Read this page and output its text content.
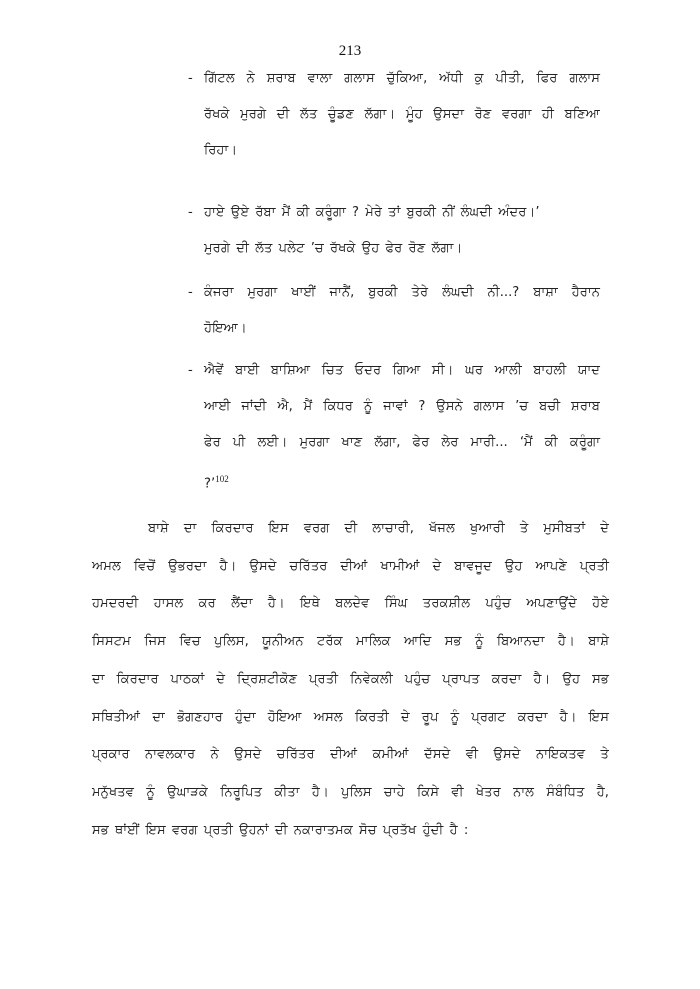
213
- ਗਿੱਟਲ ਨੇ ਸ਼ਰਾਬ ਵਾਲਾ ਗਲਾਸ ਚੁੱਕਿਆ, ਅੱਧੀ ਕੁ ਪੀਤੀ, ਫਿਰ ਗਲਾਸ
ਰੱਖਕੇ ਮੁਰਗੇ ਦੀ ਲੱਤ ਚੂੰਡਣ ਲੱਗਾ। ਮੂੰਹ ਉਸਦਾ ਰੋਣ ਵਰਗਾ ਹੀ ਬਣਿਆ
ਰਿਹਾ।
- ਹਾਏ ਉਏ ਰੱਬਾ ਮੈਂ ਕੀ ਕਰੂੰਗਾ ? ਮੇਰੇ ਤਾਂ ਬੁਰਕੀ ਨੀਂ ਲੰਘਦੀ ਅੰਦਰ।’
ਮੁਰਗੇ ਦੀ ਲੱਤ ਪਲੇਟ ’ਚ ਰੱਖਕੇ ਉਹ ਫੇਰ ਰੋਣ ਲੱਗਾ।
- ਕੰਜਰਾ ਮੁਰਗਾ ਖਾਈਂ ਜਾਨੈਂ, ਬੁਰਕੀ ਤੇਰੇ ਲੰਘਦੀ ਨੀ...? ਬਾਸ਼ਾ ਹੈਰਾਨ
ਹੋਇਆ।
- ਐਵੇਂ ਬਾਈ ਬਾਸ਼ਿਆ ਚਿਤ ਓਦਰ ਗਿਆ ਸੀ। ਘਰ ਆਲੀ ਬਾਹਲੀ ਯਾਦ
ਆਈ ਜਾਂਦੀ ਐ, ਮੈਂ ਕਿਧਰ ਨੂੰ ਜਾਵਾਂ ? ਉਸਨੇ ਗਲਾਸ ’ਚ ਬਚੀ ਸ਼ਰਾਬ
ਫੇਰ ਪੀ ਲਈ। ਮੁਰਗਾ ਖਾਣ ਲੱਗਾ, ਫੇਰ ਲੇਰ ਮਾਰੀ... ‘ਮੈਂ ਕੀ ਕਰੂੰਗਾ
?’$^{102}$
ਬਾਸ਼ੇ ਦਾ ਕਿਰਦਾਰ ਇਸ ਵਰਗ ਦੀ ਲਾਚਾਰੀ, ਖੱਜਲ ਖੁਆਰੀ ਤੇ ਮੁਸੀਬਤਾਂ ਦੇ
ਅਮਲ ਵਿਚੋਂ ਉਭਰਦਾ ਹੈ। ਉਸਦੇ ਚਰਿੱਤਰ ਦੀਆਂ ਖਾਮੀਆਂ ਦੇ ਬਾਵਜੂਦ ਉਹ ਆਪਣੇ ਪ੍ਰਤੀ
ਹਮਦਰਦੀ ਹਾਸਲ ਕਰ ਲੈਂਦਾ ਹੈ। ਇਥੇ ਬਲਦੇਵ ਸਿੰਘ ਤਰਕਸ਼ੀਲ ਪਹੁੰਚ ਅਪਣਾਉਂਦੇ ਹੋਏ
ਸਿਸਟਮ ਜਿਸ ਵਿਚ ਪੁਲਿਸ, ਯੂਨੀਅਨ ਟਰੱਕ ਮਾਲਿਕ ਆਦਿ ਸਭ ਨੂੰ ਬਿਆਨਦਾ ਹੈ। ਬਾਸ਼ੇ
ਦਾ ਕਿਰਦਾਰ ਪਾਠਕਾਂ ਦੇ ਦ੍ਰਿਸ਼ਟੀਕੋਣ ਪ੍ਰਤੀ ਨਿਵੇਕਲੀ ਪਹੁੰਚ ਪ੍ਰਾਪਤ ਕਰਦਾ ਹੈ। ਉਹ ਸਭ
ਸਥਿਤੀਆਂ ਦਾ ਭੋਗਣਹਾਰ ਹੁੰਦਾ ਹੋਇਆ ਅਸਲ ਕਿਰਤੀ ਦੇ ਰੂਪ ਨੂੰ ਪ੍ਰਗਟ ਕਰਦਾ ਹੈ। ਇਸ
ਪ੍ਰਕਾਰ ਨਾਵਲਕਾਰ ਨੇ ਉਸਦੇ ਚਰਿੱਤਰ ਦੀਆਂ ਕਮੀਆਂ ਦੱਸਦੇ ਵੀ ਉਸਦੇ ਨਾਇਕਤਵ ਤੇ
ਮਨੁੱਖਤਵ ਨੂੰ ਉਘਾੜਕੇ ਨਿਰੂਪਿਤ ਕੀਤਾ ਹੈ। ਪੁਲਿਸ ਚਾਹੇ ਕਿਸੇ ਵੀ ਖੇਤਰ ਨਾਲ ਸੰਬੰਧਿਤ ਹੈ,
ਸਭ ਥਾਂਈਂ ਇਸ ਵਰਗ ਪ੍ਰਤੀ ਉਹਨਾਂ ਦੀ ਨਕਾਰਾਤਮਕ ਸੋਚ ਪ੍ਰਤੱਖ ਹੁੰਦੀ ਹੈ :
